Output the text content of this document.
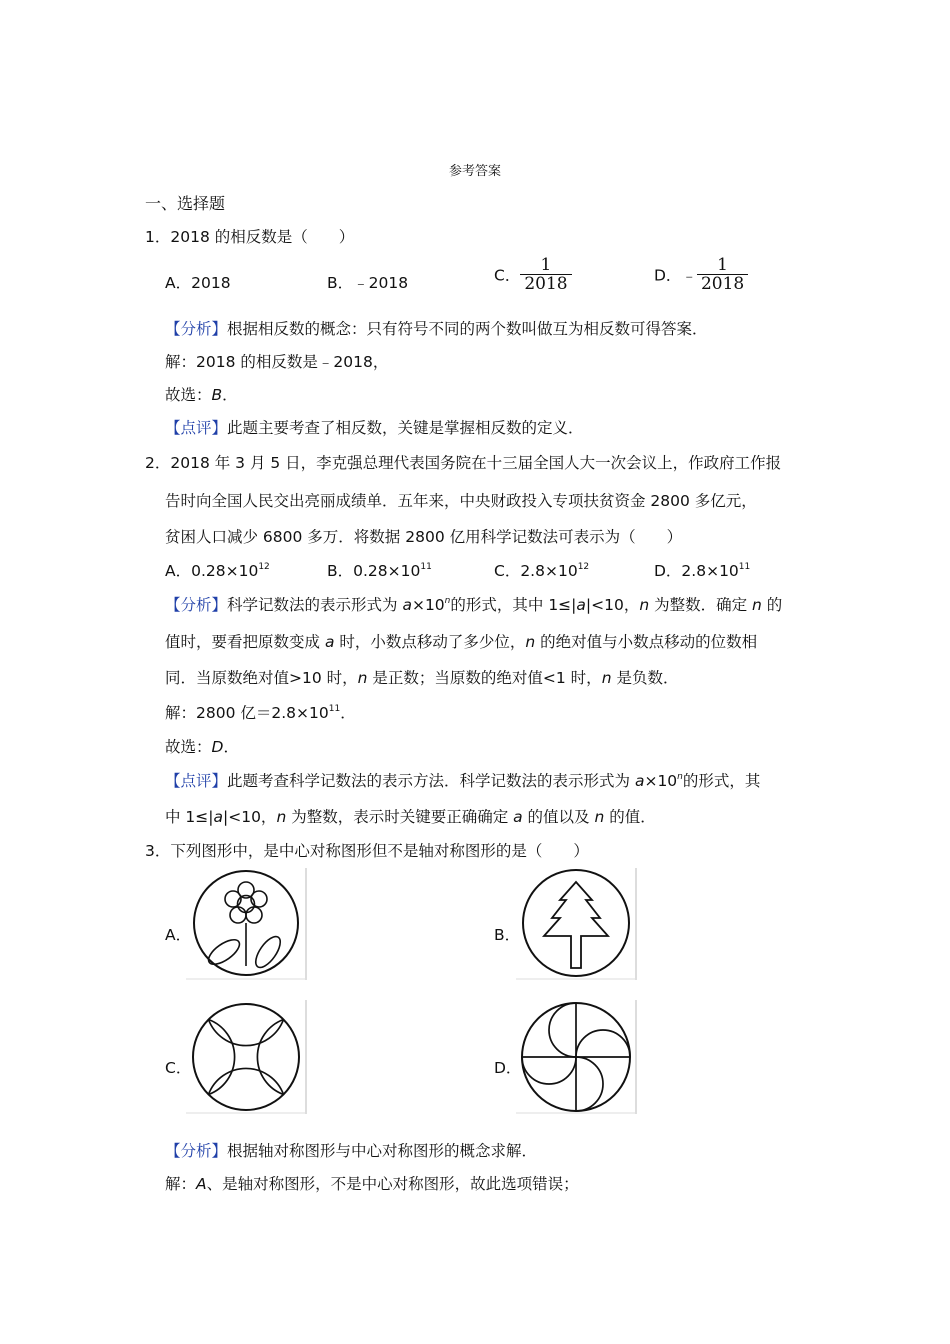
参考答案
一、选择题
1．2018 的相反数是（　　）
A．2018	B．﹣2018	C． $\frac{1}{2018}$	D．﹣ $\frac{1}{2018}$
【分析】根据相反数的概念：只有符号不同的两个数叫做互为相反数可得答案．
解：2018 的相反数是﹣2018，
故选：B．
【点评】此题主要考查了相反数，关键是掌握相反数的定义．
2．2018 年 3 月 5 日，李克强总理代表国务院在十三届全国人大一次会议上，作政府工作报
告时向全国人民交出亮丽成绩单．五年来，中央财政投入专项扶贫资金 2800 多亿元，
贫困人口减少 6800 多万．将数据 2800 亿用科学记数法可表示为（　　）
A．$0.28\times 10^{12}$	B．$0.28\times 10^{11}$	C．$2.8\times 10^{12}$	D．$2.8\times 10^{11}$
【分析】科学记数法的表示形式为 $a\times 10^n$的形式，其中 1≤|a|<10，n 为整数．确定 n 的
值时，要看把原数变成 a 时，小数点移动了多少位，n 的绝对值与小数点移动的位数相
同．当原数绝对值>10 时，n 是正数；当原数的绝对值<1 时，n 是负数．
解：2800 亿$=2.8\times 10^{11}$．
故选：D．
【点评】此题考查科学记数法的表示方法．科学记数法的表示形式为 $a\times 10^n$的形式，其
中 1≤|a|<10，n 为整数，表示时关键要正确确定 a 的值以及 n 的值．
3．下列图形中，是中心对称图形但不是轴对称图形的是（　　）
A．	B．
C．	D．
【分析】根据轴对称图形与中心对称图形的概念求解．
解：A、是轴对称图形，不是中心对称图形，故此选项错误；
